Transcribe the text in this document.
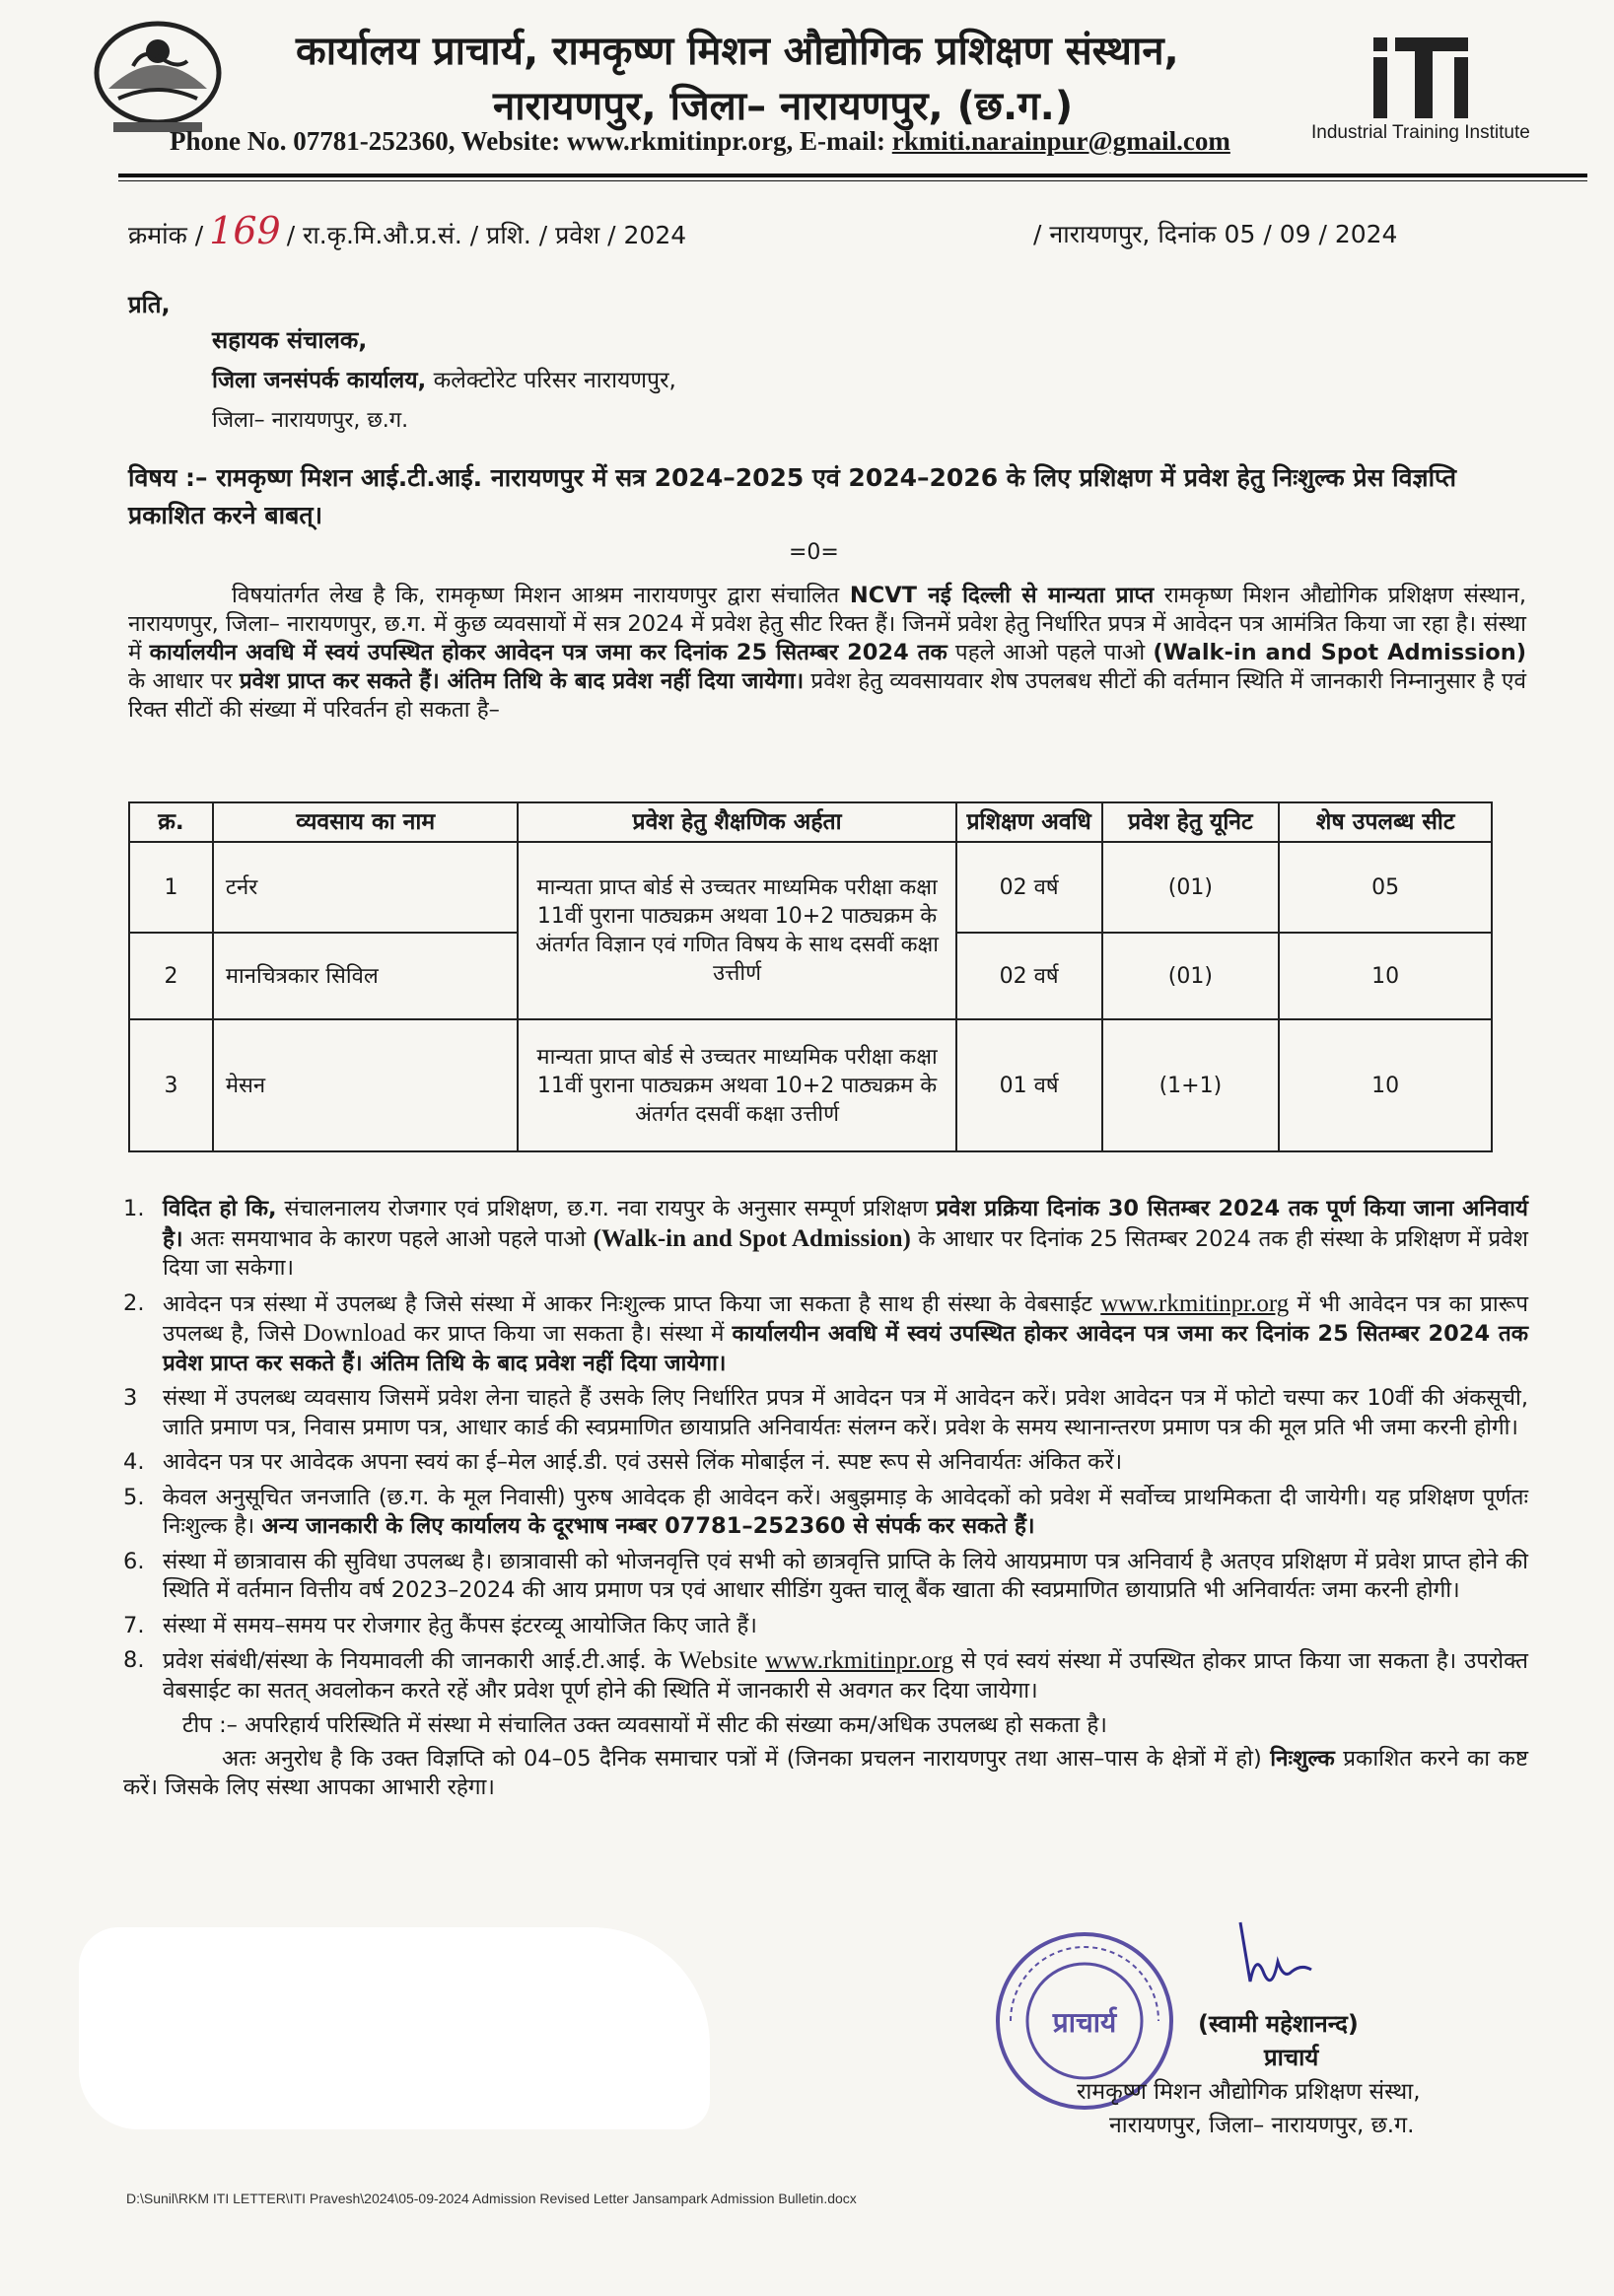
कार्यालय प्राचार्य, रामकृष्ण मिशन औद्योगिक प्रशिक्षण संस्थान,
नारायणपुर, जिला– नारायणपुर, (छ.ग.)
Industrial Training Institute
Phone No. 07781-252360, Website: www.rkmitinpr.org, E-mail: rkmiti.narainpur@gmail.com
क्रमांक / 169 / रा.कृ.मि.औ.प्र.सं. / प्रशि. / प्रवेश / 2024	/ नारायणपुर, दिनांक 05 / 09 / 2024
प्रति,
सहायक संचालक,
जिला जनसंपर्क कार्यालय, कलेक्टोरेट परिसर नारायणपुर,
जिला– नारायणपुर, छ.ग.
विषय :– रामकृष्ण मिशन आई.टी.आई. नारायणपुर में सत्र 2024–2025 एवं 2024–2026 के लिए प्रशिक्षण में प्रवेश हेतु निःशुल्क प्रेस विज्ञप्ति प्रकाशित करने बाबत्।
=0=
विषयांतर्गत लेख है कि, रामकृष्ण मिशन आश्रम नारायणपुर द्वारा संचालित NCVT नई दिल्ली से मान्यता प्राप्त रामकृष्ण मिशन औद्योगिक प्रशिक्षण संस्थान, नारायणपुर, जिला– नारायणपुर, छ.ग. में कुछ व्यवसायों में सत्र 2024 में प्रवेश हेतु सीट रिक्त हैं। जिनमें प्रवेश हेतु निर्धारित प्रपत्र में आवेदन पत्र आमंत्रित किया जा रहा है। संस्था में कार्यालयीन अवधि में स्वयं उपस्थित होकर आवेदन पत्र जमा कर दिनांक 25 सितम्बर 2024 तक पहले आओ पहले पाओ (Walk-in and Spot Admission) के आधार पर प्रवेश प्राप्त कर सकते हैं। अंतिम तिथि के बाद प्रवेश नहीं दिया जायेगा। प्रवेश हेतु व्यवसायवार शेष उपलबध सीटों की वर्तमान स्थिति में जानकारी निम्नानुसार है एवं रिक्त सीटों की संख्या में परिवर्तन हो सकता है–
क्र.	व्यवसाय का नाम	प्रवेश हेतु शैक्षणिक अर्हता	प्रशिक्षण अवधि	प्रवेश हेतु यूनिट	शेष उपलब्ध सीट
1	टर्नर	मान्यता प्राप्त बोर्ड से उच्चतर माध्यमिक परीक्षा कक्षा 11वीं पुराना पाठ्यक्रम अथवा 10+2 पाठ्यक्रम के अंतर्गत विज्ञान एवं गणित विषय के साथ दसवीं कक्षा उत्तीर्ण	02 वर्ष	(01)	05
2	मानचित्रकार सिविल		02 वर्ष	(01)	10
3	मेसन	मान्यता प्राप्त बोर्ड से उच्चतर माध्यमिक परीक्षा कक्षा 11वीं पुराना पाठ्यक्रम अथवा 10+2 पाठ्यक्रम के अंतर्गत दसवीं कक्षा उत्तीर्ण	01 वर्ष	(1+1)	10
1. विदित हो कि, संचालनालय रोजगार एवं प्रशिक्षण, छ.ग. नवा रायपुर के अनुसार सम्पूर्ण प्रशिक्षण प्रवेश प्रक्रिया दिनांक 30 सितम्बर 2024 तक पूर्ण किया जाना अनिवार्य है। अतः समयाभाव के कारण पहले आओ पहले पाओ (Walk-in and Spot Admission) के आधार पर दिनांक 25 सितम्बर 2024 तक ही संस्था के प्रशिक्षण में प्रवेश दिया जा सकेगा।
2. आवेदन पत्र संस्था में उपलब्ध है जिसे संस्था में आकर निःशुल्क प्राप्त किया जा सकता है साथ ही संस्था के वेबसाईट www.rkmitinpr.org में भी आवेदन पत्र का प्रारूप उपलब्ध है, जिसे Download कर प्राप्त किया जा सकता है। संस्था में कार्यालयीन अवधि में स्वयं उपस्थित होकर आवेदन पत्र जमा कर दिनांक 25 सितम्बर 2024 तक प्रवेश प्राप्त कर सकते हैं। अंतिम तिथि के बाद प्रवेश नहीं दिया जायेगा।
3 संस्था में उपलब्ध व्यवसाय जिसमें प्रवेश लेना चाहते हैं उसके लिए निर्धारित प्रपत्र में आवेदन पत्र में आवेदन करें। प्रवेश आवेदन पत्र में फोटो चस्पा कर 10वीं की अंकसूची, जाति प्रमाण पत्र, निवास प्रमाण पत्र, आधार कार्ड की स्वप्रमाणित छायाप्रति अनिवार्यतः संलग्न करें। प्रवेश के समय स्थानान्तरण प्रमाण पत्र की मूल प्रति भी जमा करनी होगी।
4. आवेदन पत्र पर आवेदक अपना स्वयं का ई–मेल आई.डी. एवं उससे लिंक मोबाईल नं. स्पष्ट रूप से अनिवार्यतः अंकित करें।
5. केवल अनुसूचित जनजाति (छ.ग. के मूल निवासी) पुरुष आवेदक ही आवेदन करें। अबुझमाड़ के आवेदकों को प्रवेश में सर्वोच्च प्राथमिकता दी जायेगी। यह प्रशिक्षण पूर्णतः निःशुल्क है। अन्य जानकारी के लिए कार्यालय के दूरभाष नम्बर 07781–252360 से संपर्क कर सकते हैं।
6. संस्था में छात्रावास की सुविधा उपलब्ध है। छात्रावासी को भोजनवृत्ति एवं सभी को छात्रवृत्ति प्राप्ति के लिये आयप्रमाण पत्र अनिवार्य है अतएव प्रशिक्षण में प्रवेश प्राप्त होने की स्थिति में वर्तमान वित्तीय वर्ष 2023–2024 की आय प्रमाण पत्र एवं आधार सीडिंग युक्त चालू बैंक खाता की स्वप्रमाणित छायाप्रति भी अनिवार्यतः जमा करनी होगी।
7. संस्था में समय–समय पर रोजगार हेतु कैंपस इंटरव्यू आयोजित किए जाते हैं।
8. प्रवेश संबंधी/संस्था के नियमावली की जानकारी आई.टी.आई. के Website www.rkmitinpr.org से एवं स्वयं संस्था में उपस्थित होकर प्राप्त किया जा सकता है। उपरोक्त वेबसाईट का सतत् अवलोकन करते रहें और प्रवेश पूर्ण होने की स्थिति में जानकारी से अवगत कर दिया जायेगा।
टीप :– अपरिहार्य परिस्थिति में संस्था मे संचालित उक्त व्यवसायों में सीट की संख्या कम/अधिक उपलब्ध हो सकता है।
अतः अनुरोध है कि उक्त विज्ञप्ति को 04–05 दैनिक समाचार पत्रों में (जिनका प्रचलन नारायणपुर तथा आस–पास के क्षेत्रों में हो) निःशुल्क प्रकाशित करने का कष्ट करें। जिसके लिए संस्था आपका आभारी रहेगा।
प्राचार्य	(स्वामी महेशानन्द)
प्राचार्य
रामकृष्ण मिशन औद्योगिक प्रशिक्षण संस्था,
नारायणपुर, जिला– नारायणपुर, छ.ग.
D:\Sunil\RKM ITI LETTER\ITI Pravesh\2024\05-09-2024 Admission Revised Letter Jansampark Admission Bulletin.docx
